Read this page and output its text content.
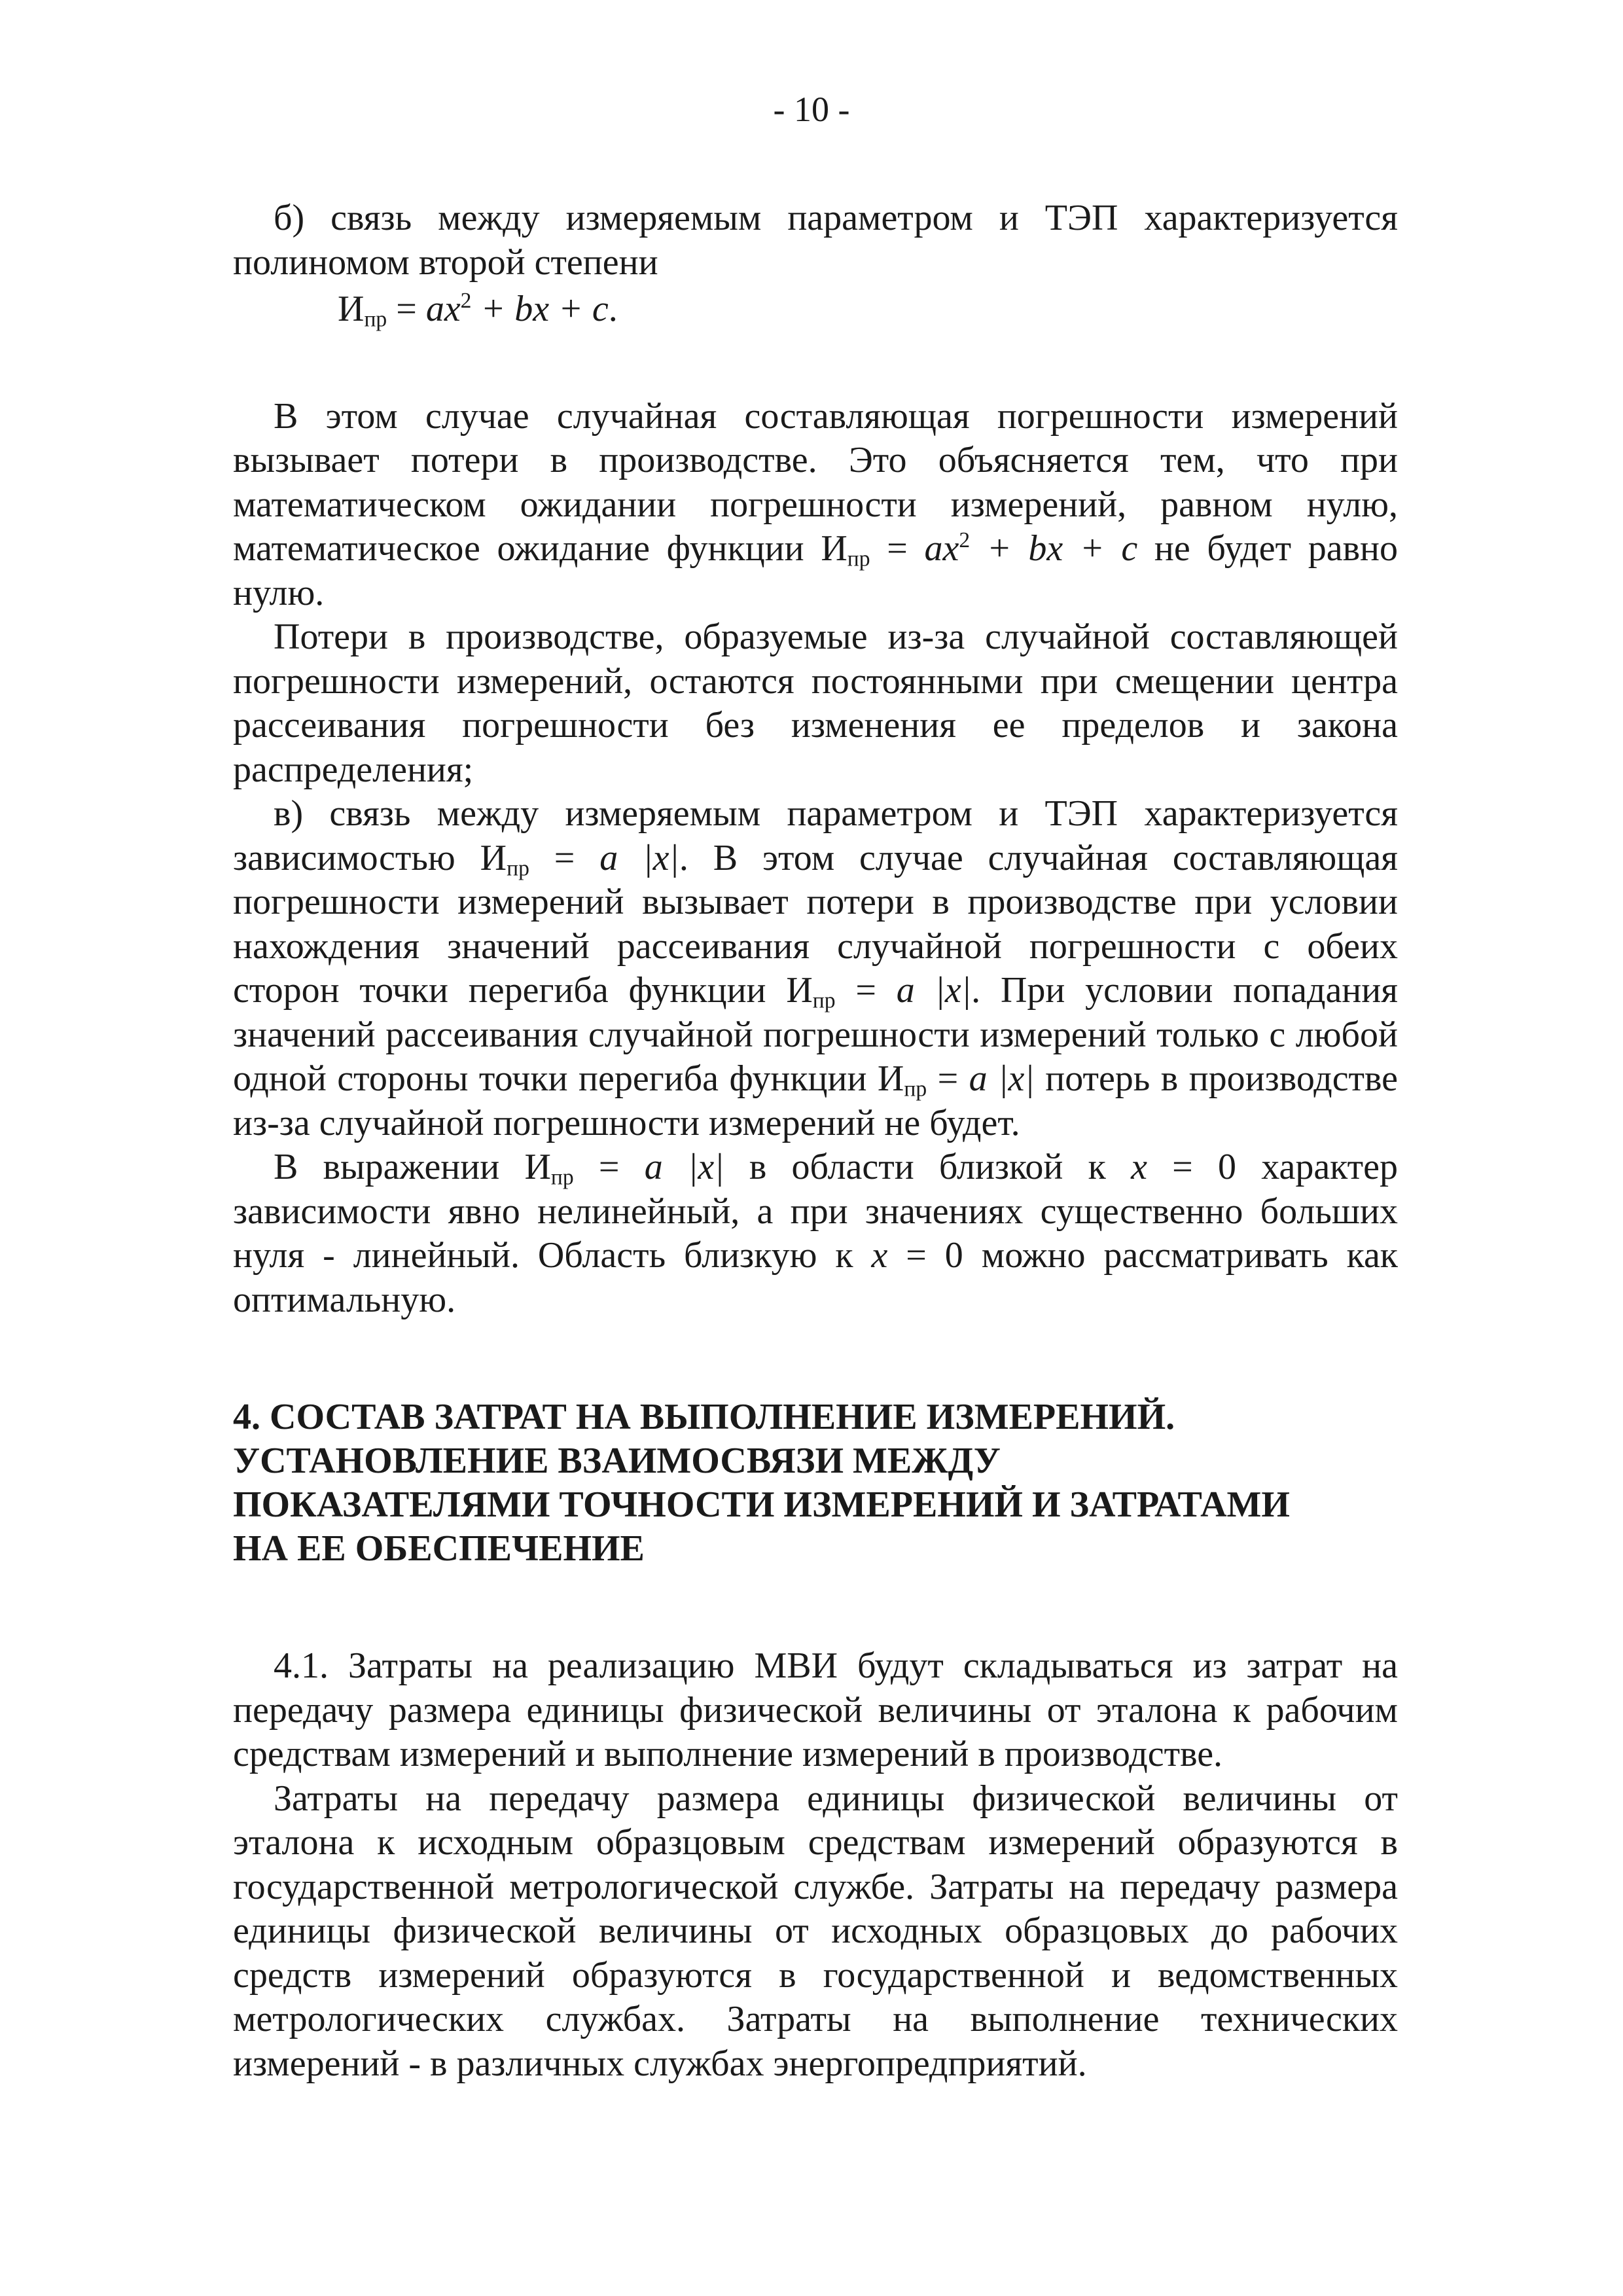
- 10 -

б) связь между измеряемым параметром и ТЭП характеризуется полиномом второй степени

$И_{пр} = ax^2$ + bx + c.

В этом случае случайная составляющая погрешности измерений вызывает потери в производстве. Это объясняется тем, что при математическом ожидании погрешности измерений, равном нулю, математическое ожидание функции $И_{пр} = ax^2$ + bx + c не будет равно нулю.

Потери в производстве, образуемые из-за случайной составляющей погрешности измерений, остаются постоянными при смещении центра рассеивания погрешности без изменения ее пределов и закона распределения;

в) связь между измеряемым параметром и ТЭП характеризуется зависимостью $И_{пр} = a$ |x|. В этом случае случайная составляющая погрешности измерений вызывает потери в производстве при условии нахождения значений рассеивания случайной погрешности с обеих сторон точки перегиба функции $И_{пр} = a$ |x|. При условии попадания значений рассеивания случайной погрешности измерений только с любой одной стороны точки перегиба функции $И_{пр} = a$ |x| потерь в производстве из-за случайной погрешности измерений не будет.

В выражении $И_{пр} = a$ |x| в области близкой к x = 0 характер зависимости явно нелинейный, а при значениях существенно больших нуля - линейный. Область близкую к x = 0 можно рассматривать как оптимальную.

4. СОСТАВ ЗАТРАТ НА ВЫПОЛНЕНИЕ ИЗМЕРЕНИЙ.
УСТАНОВЛЕНИЕ ВЗАИМОСВЯЗИ МЕЖДУ
ПОКАЗАТЕЛЯМИ ТОЧНОСТИ ИЗМЕРЕНИЙ И ЗАТРАТАМИ
НА ЕЕ ОБЕСПЕЧЕНИЕ

4.1. Затраты на реализацию МВИ будут складываться из затрат на передачу размера единицы физической величины от эталона к рабочим средствам измерений и выполнение измерений в производстве.

Затраты на передачу размера единицы физической величины от эталона к исходным образцовым средствам измерений образуются в государственной метрологической службе. Затраты на передачу размера единицы физической величины от исходных образцовых до рабочих средств измерений образуются в государственной и ведомственных метрологических службах. Затраты на выполнение технических измерений - в различных службах энергопредприятий.
